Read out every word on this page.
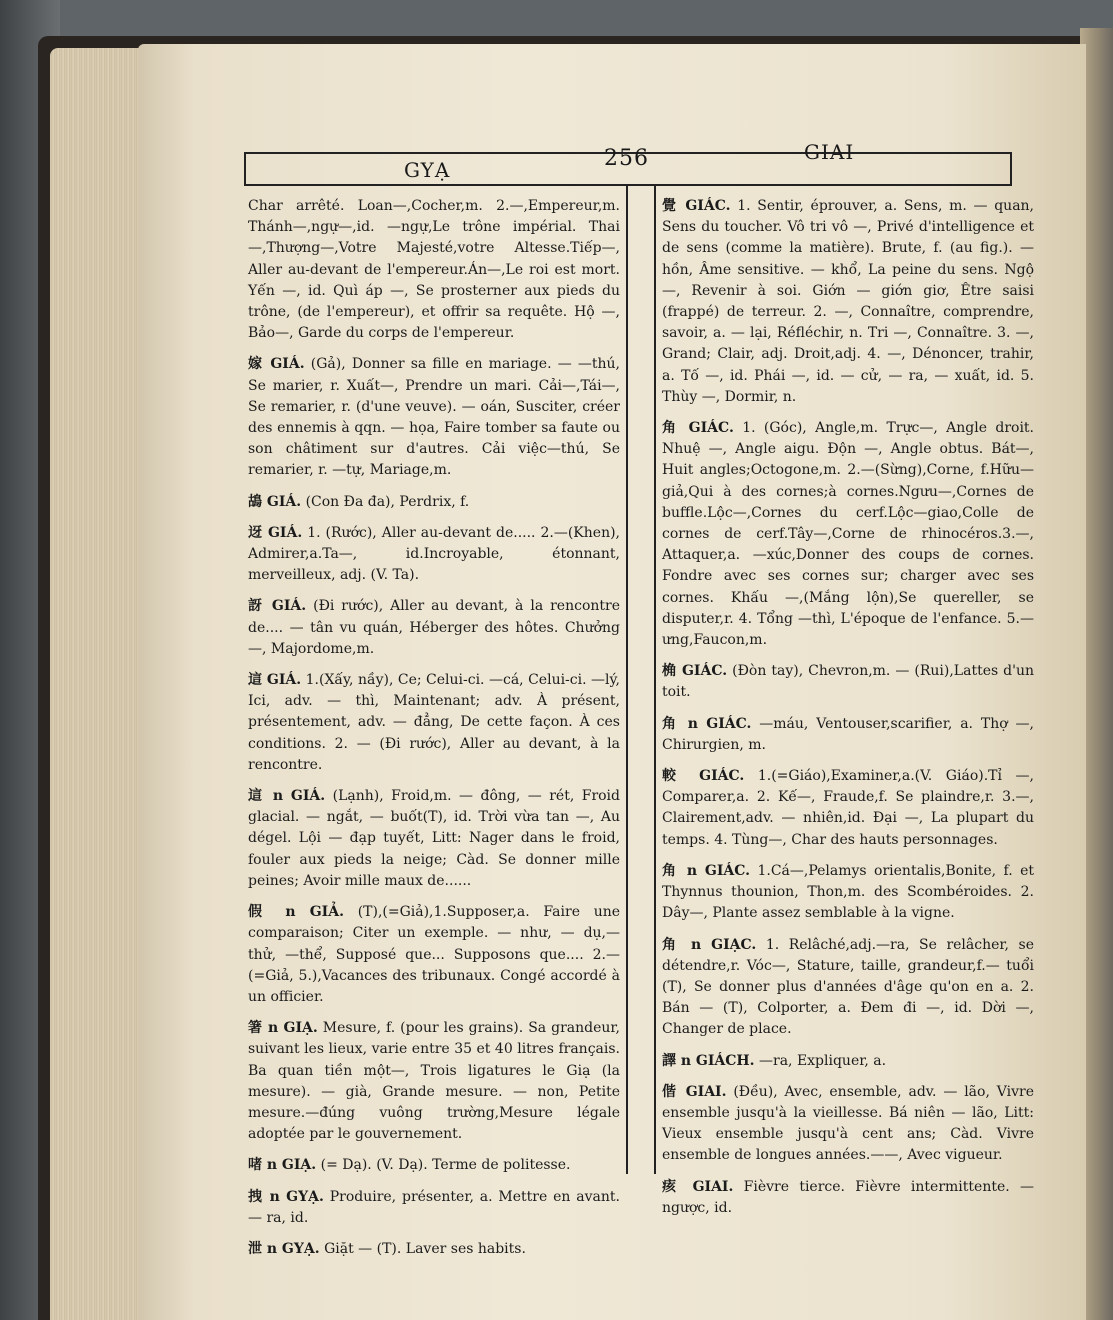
GYẠ	256	GIAI

Char arrêté. Loan—,Cocher,m. 2.—,Empereur,m. Thánh—,ngự—,id. —ngự,Le trône impérial. Thai —,Thượng—,Votre Majesté,votre Altesse.Tiếp—, Aller au-devant de l'empereur.Án—,Le roi est mort. Yến —, id. Quì áp —, Se prosterner aux pieds du trône, (de l'empereur), et offrir sa requête. Hộ —, Bảo—, Garde du corps de l'empereur.

嫁 GIÁ. (Gả), Donner sa fille en mariage. — —thú, Se marier, r. Xuất—, Prendre un mari. Cải—,Tái—, Se remarier, r. (d'une veuve). — oán, Susciter, créer des ennemis à qqn. — họa, Faire tomber sa faute ou son châtiment sur d'autres. Cải việc—thú, Se remarier, r. —tự, Mariage,m.

鴣 GIÁ. (Con Đa đa), Perdrix, f.

迓 GIÁ. 1. (Rước), Aller au-devant de..... 2.—(Khen), Admirer,a.Ta—, id.Incroyable, étonnant, merveilleux, adj. (V. Ta).

訝 GIÁ. (Đi rước), Aller au devant, à la rencontre de.... — tân vu quán, Héberger des hôtes. Chưởng—, Majordome,m.

這 GIÁ. 1.(Xấy, nầy), Ce; Celui-ci. —cá, Celui-ci. —lý, Ici, adv. — thì, Maintenant; adv. À présent, présentement, adv. — đẳng, De cette façon. À ces conditions. 2. — (Đi rước), Aller au devant, à la rencontre.

這 n GIÁ. (Lạnh), Froid,m. — đông, — rét, Froid glacial. — ngắt, — buốt(T), id. Trời vừa tan —, Au dégel. Lội — đạp tuyết, Litt: Nager dans le froid, fouler aux pieds la neige; Càd. Se donner mille peines; Avoir mille maux de......

假 n GIẢ. (T),(=Giả),1.Supposer,a. Faire une comparaison; Citer un exemple. — như, — dụ,— thử, —thể, Supposé que... Supposons que.... 2.— (=Giả, 5.),Vacances des tribunaux. Congé accordé à un officier.

箸 n GIẠ. Mesure, f. (pour les grains). Sa grandeur, suivant les lieux, varie entre 35 et 40 litres français. Ba quan tiền một—, Trois ligatures le Giạ (la mesure). — già, Grande mesure. — non, Petite mesure.—đúng vuông trường,Mesure légale adoptée par le gouvernement.

啫 n GIẠ. (= Dạ). (V. Dạ). Terme de politesse.

拽 n GYẠ. Produire, présenter, a. Mettre en avant. — ra, id.

泄 n GYẠ. Giặt — (T). Laver ses habits.

覺 GIÁC. 1. Sentir, éprouver, a. Sens, m. — quan, Sens du toucher. Vô tri vô —, Privé d'intelligence et de sens (comme la matière). Brute, f. (au fig.). — hồn, Âme sensitive. — khổ, La peine du sens. Ngộ —, Revenir à soi. Giớn — giớn giơ, Être saisi (frappé) de terreur. 2. —, Connaître, comprendre, savoir, a. — lại, Réfléchir, n. Tri —, Connaître. 3. —, Grand; Clair, adj. Droit,adj. 4. —, Dénoncer, trahir, a. Tố —, id. Phái —, id. — cử, — ra, — xuất, id. 5. Thùy —, Dormir, n.

角 GIÁC. 1. (Góc), Angle,m. Trực—, Angle droit. Nhuệ —, Angle aigu. Độn —, Angle obtus. Bát—, Huit angles;Octogone,m. 2.—(Sừng),Corne, f.Hữu—giả,Qui à des cornes;à cornes.Ngưu—,Cornes de buffle.Lộc—,Cornes du cerf.Lộc—giao,Colle de cornes de cerf.Tây—,Corne de rhinocéros.3.—, Attaquer,a. —xúc,Donner des coups de cornes. Fondre avec ses cornes sur; charger avec ses cornes. Khấu —,(Mắng lộn),Se quereller, se disputer,r. 4. Tổng —thì, L'époque de l'enfance. 5.—ưng,Faucon,m.

桷 GIÁC. (Đòn tay), Chevron,m. — (Rui),Lattes d'un toit.

角 n GIÁC. —máu, Ventouser,scarifier, a. Thợ —, Chirurgien, m.

較 GIÁC. 1.(=Giáo),Examiner,a.(V. Giáo).Tỉ —, Comparer,a. 2. Kế—, Fraude,f. Se plaindre,r. 3.—, Clairement,adv. — nhiên,id. Đại —, La plupart du temps. 4. Tùng—, Char des hauts personnages.

角 n GIÁC. 1.Cá—,Pelamys orientalis,Bonite, f. et Thynnus thounion, Thon,m. des Scombéroides. 2. Dây—, Plante assez semblable à la vigne.

角 n GIẠC. 1. Relâché,adj.—ra, Se relâcher, se détendre,r. Vóc—, Stature, taille, grandeur,f.— tuổi (T), Se donner plus d'années d'âge qu'on en a. 2. Bán — (T), Colporter, a. Đem đi —, id. Dời —, Changer de place.

譯 n GIÁCH. —ra, Expliquer, a.

偕 GIAI. (Đều), Avec, ensemble, adv. — lão, Vivre ensemble jusqu'à la vieillesse. Bá niên — lão, Litt: Vieux ensemble jusqu'à cent ans; Càd. Vivre ensemble de longues années.——, Avec vigueur.

痎 GIAI. Fièvre tierce. Fièvre intermittente. —ngược, id.
